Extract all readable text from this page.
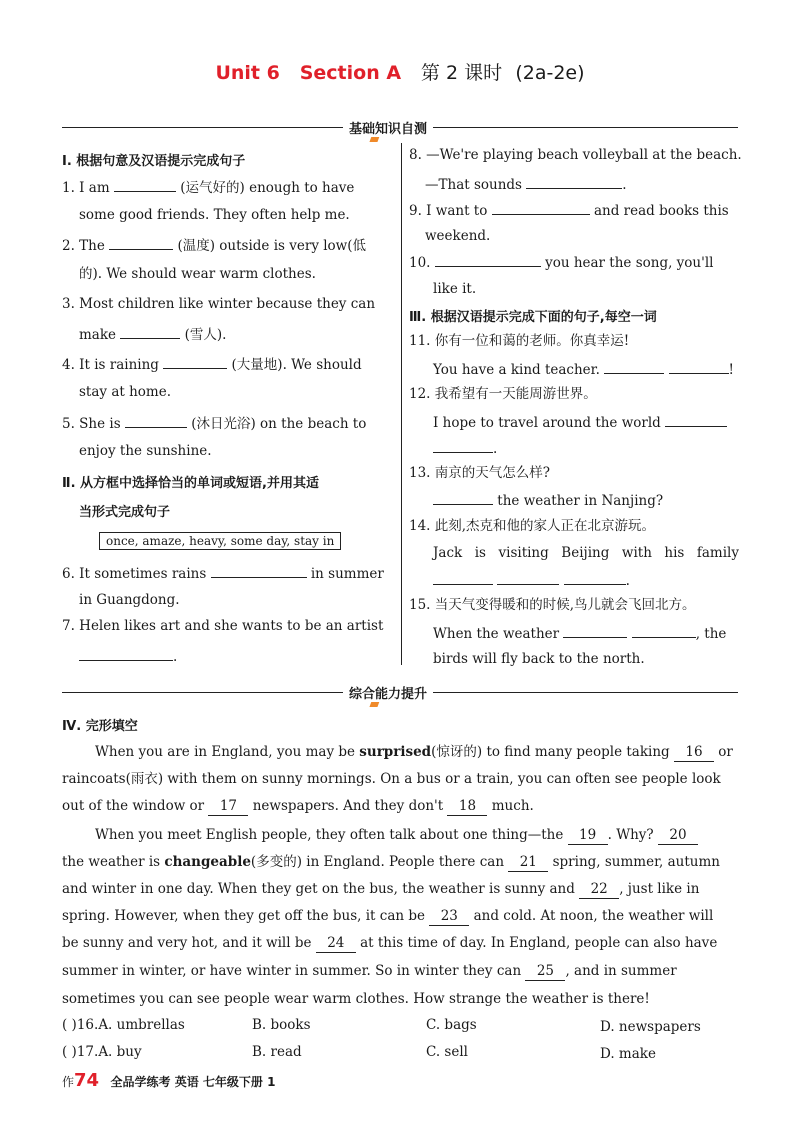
Unit 6 Section A 第 2 课时 (2a-2e)
基础知识自测
Ⅰ. 根据句意及汉语提示完成句子
1. I am	(运气好的) enough to have
some good friends. They often help me.
2. The	(温度) outside is very low(低
的). We should wear warm clothes.
3. Most children like winter because they can
make	(雪人).
4. It is raining	(大量地). We should
stay at home.
5. She is	(沐日光浴) on the beach to
enjoy the sunshine.
Ⅱ. 从方框中选择恰当的单词或短语,并用其适
当形式完成句子
once, amaze, heavy, some day, stay in
6. It sometimes rains	in summer
in Guangdong.
7. Helen likes art and she wants to be an artist
.
8. —We're playing beach volleyball at the beach.
—That sounds	.
9. I want to	and read books this
weekend.
10.	you hear the song, you'll
like it.
Ⅲ. 根据汉语提示完成下面的句子,每空一词
11. 你有一位和蔼的老师。你真幸运!
You have a kind teacher.	!
12. 我希望有一天能周游世界。
I hope to travel around the world
.
13. 南京的天气怎么样?
the weather in Nanjing?
14. 此刻,杰克和他的家人正在北京游玩。
Jack is visiting Beijing with his family
.
15. 当天气变得暖和的时候,鸟儿就会飞回北方。
When the weather	, the
birds will fly back to the north.
综合能力提升
Ⅳ. 完形填空
When you are in England, you may be surprised(惊讶的) to find many people taking 16 or
raincoats(雨衣) with them on sunny mornings. On a bus or a train, you can often see people look
out of the window or 17 newspapers. And they don't 18 much.
When you meet English people, they often talk about one thing—the 19 . Why? 20
the weather is changeable(多变的) in England. People there can 21 spring, summer, autumn
and winter in one day. When they get on the bus, the weather is sunny and 22 , just like in
spring. However, when they get off the bus, it can be 23 and cold. At noon, the weather will
be sunny and very hot, and it will be 24 at this time of day. In England, people can also have
summer in winter, or have winter in summer. So in winter they can 25 , and in summer
sometimes you can see people wear warm clothes. How strange the weather is there!
( )16.A. umbrellas	B. books	C. bags	D. newspapers
( )17.A. buy	B. read	C. sell	D. make
作74 全品学练考 英语 七年级下册 1
